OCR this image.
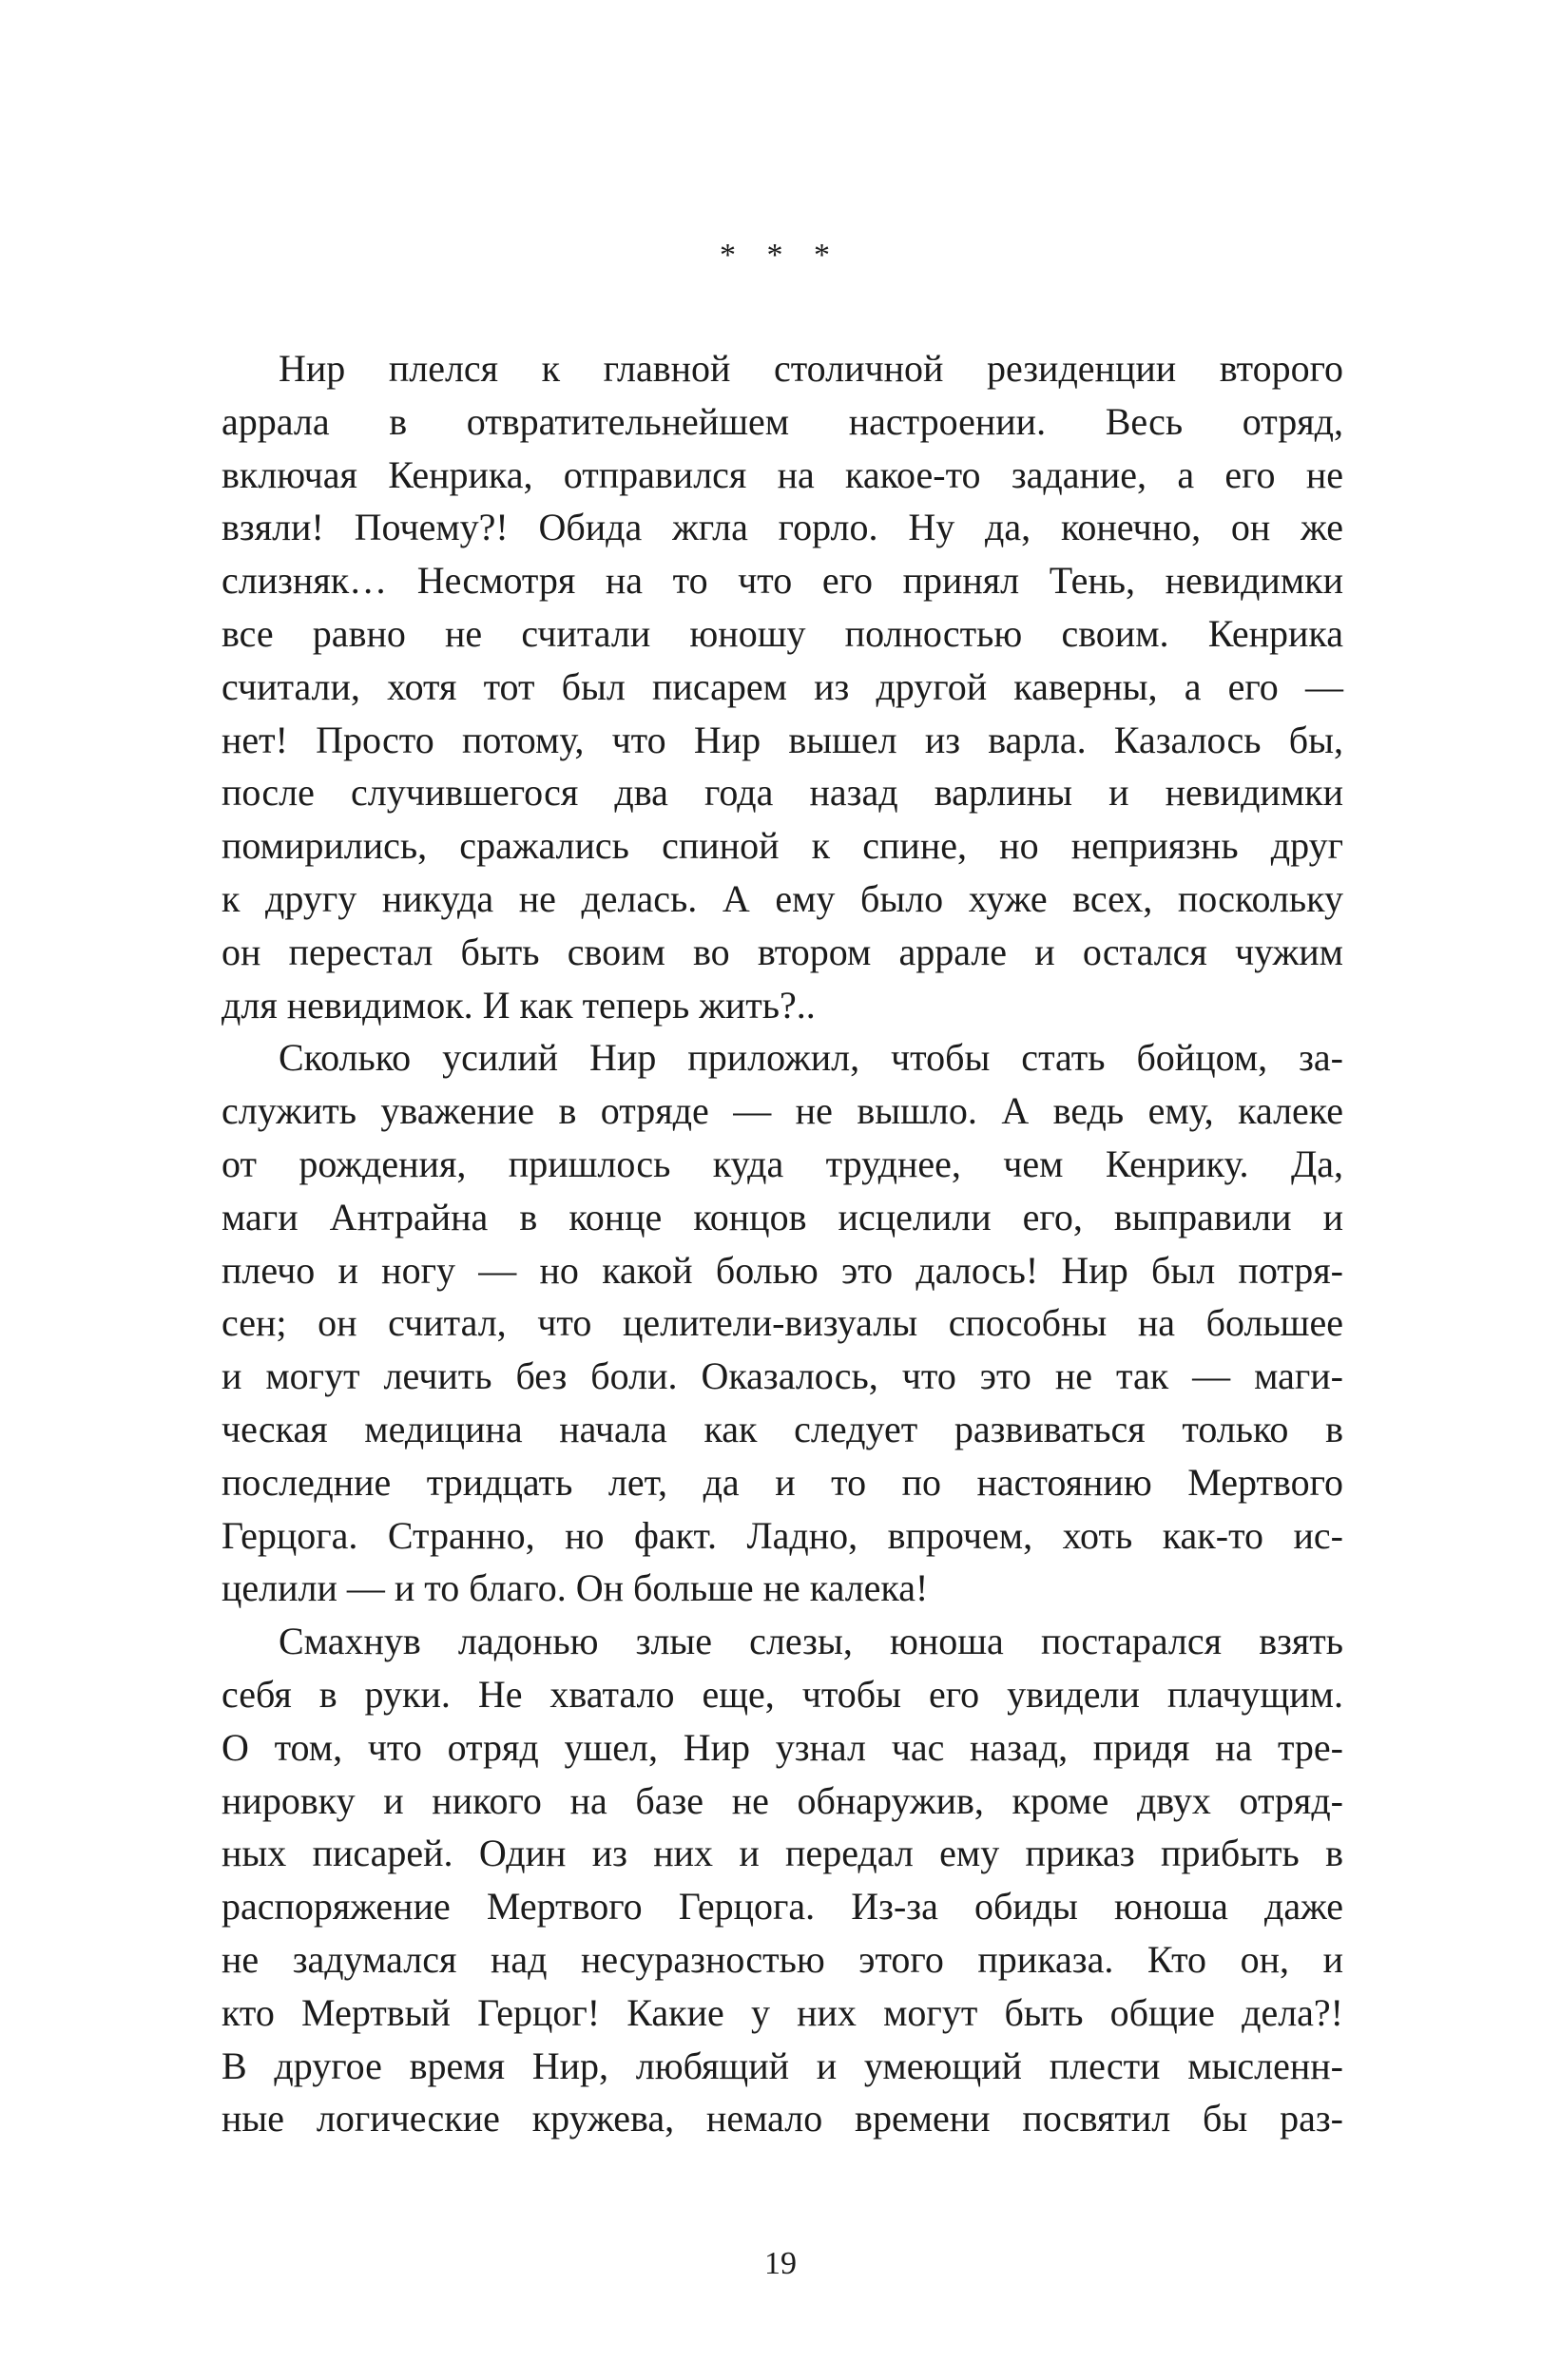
* * *
Нир плелся к главной столичной резиденции второго
аррала в отвратительнейшем настроении. Весь отряд,
включая Кенрика, отправился на какое-то задание, а его не
взяли! Почему?! Обида жгла горло. Ну да, конечно, он же
слизняк… Несмотря на то что его принял Тень, невидимки
все равно не считали юношу полностью своим. Кенрика
считали, хотя тот был писарем из другой каверны, а его —
нет! Просто потому, что Нир вышел из варла. Казалось бы,
после случившегося два года назад варлины и невидимки
помирились, сражались спиной к спине, но неприязнь друг
к другу никуда не делась. А ему было хуже всех, поскольку
он перестал быть своим во втором аррале и остался чужим
для невидимок. И как теперь жить?..
Сколько усилий Нир приложил, чтобы стать бойцом, за-
служить уважение в отряде — не вышло. А ведь ему, калеке
от рождения, пришлось куда труднее, чем Кенрику. Да,
маги Антрайна в конце концов исцелили его, выправили и
плечо и ногу — но какой болью это далось! Нир был потря-
сен; он считал, что целители-визуалы способны на большее
и могут лечить без боли. Оказалось, что это не так — маги-
ческая медицина начала как следует развиваться только в
последние тридцать лет, да и то по настоянию Мертвого
Герцога. Странно, но факт. Ладно, впрочем, хоть как-то ис-
целили — и то благо. Он больше не калека!
Смахнув ладонью злые слезы, юноша постарался взять
себя в руки. Не хватало еще, чтобы его увидели плачущим.
О том, что отряд ушел, Нир узнал час назад, придя на тре-
нировку и никого на базе не обнаружив, кроме двух отряд-
ных писарей. Один из них и передал ему приказ прибыть в
распоряжение Мертвого Герцога. Из-за обиды юноша даже
не задумался над несуразностью этого приказа. Кто он, и
кто Мертвый Герцог! Какие у них могут быть общие дела?!
В другое время Нир, любящий и умеющий плести мысленн-
ные логические кружева, немало времени посвятил бы раз-
19
